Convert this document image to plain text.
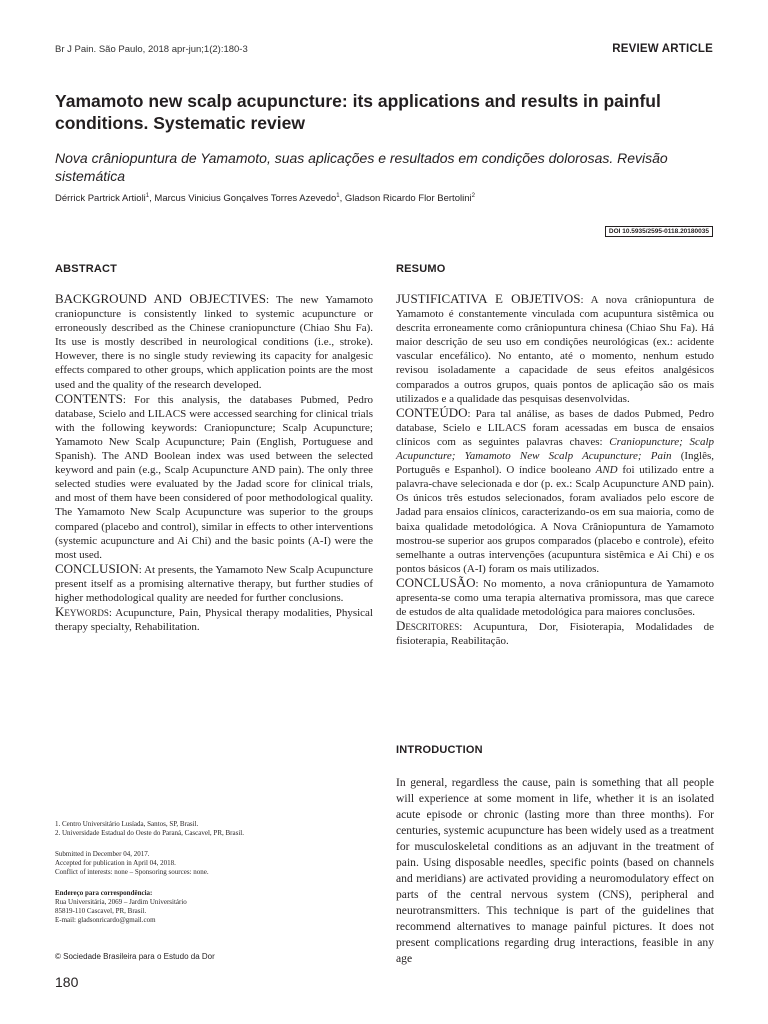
Br J Pain. São Paulo, 2018 apr-jun;1(2):180-3	REVIEW ARTICLE
Yamamoto new scalp acupuncture: its applications and results in painful conditions. Systematic review
Nova crâniopuntura de Yamamoto, suas aplicações e resultados em condições dolorosas. Revisão sistemática
Dérrick Partrick Artioli$^1$, Marcus Vinicius Gonçalves Torres Azevedo$^1$, Gladson Ricardo Flor Bertolini$^2$
DOI 10.5935/2595-0118.20180035
ABSTRACT	RESUMO

BACKGROUND AND OBJECTIVES: The new Yamamoto craniopuncture is consistently linked to systemic acupuncture or erroneously described as the Chinese craniopuncture (Chiao Shu Fa). Its use is mostly described in neurological conditions (i.e., stroke). However, there is no single study reviewing its capacity for analgesic effects compared to other groups, which application points are the most used and the quality of the research developed.

CONTENTS: For this analysis, the databases Pubmed, Pedro database, Scielo and LILACS were accessed searching for clinical trials with the following keywords: Craniopuncture; Scalp Acupuncture; Yamamoto New Scalp Acupuncture; Pain (English, Portuguese and Spanish). The AND Boolean index was used between the selected keyword and pain (e.g., Scalp Acupuncture AND pain). The only three selected studies were evaluated by the Jadad score for clinical trials, and most of them have been considered of poor methodological quality. The Yamamoto New Scalp Acupuncture was superior to the groups compared (placebo and control), similar in effects to other interventions (systemic acupuncture and Ai Chi) and the basic points (A-I) were the most used.

CONCLUSION: At presents, the Yamamoto New Scalp Acupuncture present itself as a promising alternative therapy, but further studies of higher methodological quality are needed for further conclusions.

Keywords: Acupuncture, Pain, Physical therapy modalities, Physical therapy specialty, Rehabilitation.

JUSTIFICATIVA E OBJETIVOS: A nova crâniopuntura de Yamamoto é constantemente vinculada com acupuntura sistêmica ou descrita erroneamente como crâniopuntura chinesa (Chiao Shu Fa). Há maior descrição de seu uso em condições neurológicas (ex.: acidente vascular encefálico). No entanto, até o momento, nenhum estudo revisou isoladamente a capacidade de seus efeitos analgésicos comparados a outros grupos, quais pontos de aplicação são os mais utilizados e a qualidade das pesquisas desenvolvidas.

CONTEÚDO: Para tal análise, as bases de dados Pubmed, Pedro database, Scielo e LILACS foram acessadas em busca de ensaios clínicos com as seguintes palavras chaves: Craniopuncture; Scalp Acupuncture; Yamamoto New Scalp Acupuncture; Pain (Inglês, Português e Espanhol). O índice booleano AND foi utilizado entre a palavra-chave selecionada e dor (p. ex.: Scalp Acupuncture AND pain). Os únicos três estudos selecionados, foram avaliados pelo escore de Jadad para ensaios clínicos, caracterizando-os em sua maioria, como de baixa qualidade metodológica. A Nova Crâniopuntura de Yamamoto mostrou-se superior aos grupos comparados (placebo e controle), efeito semelhante a outras intervenções (acupuntura sistêmica e Ai Chi) e os pontos básicos (A-I) foram os mais utilizados.

CONCLUSÃO: No momento, a nova crâniopuntura de Yamamoto apresenta-se como uma terapia alternativa promissora, mas que carece de estudos de alta qualidade metodológica para maiores conclusões.

Descritores: Acupuntura, Dor, Fisioterapia, Modalidades de fisioterapia, Reabilitação.

INTRODUCTION

In general, regardless the cause, pain is something that all people will experience at some moment in life, whether it is an isolated acute episode or chronic (lasting more than three months). For centuries, systemic acupuncture has been widely used as a treatment for musculoskeletal conditions as an adjuvant in the treatment of pain. Using disposable needles, specific points (based on channels and meridians) are activated providing a neuromodulatory effect on parts of the central nervous system (CNS), peripheral and neurotransmitters. This technique is part of the guidelines that recommend alternatives to manage painful pictures. It does not present complications regarding drug interactions, feasible in any age

1. Centro Universitário Lusíada, Santos, SP, Brasil.
2. Universidade Estadual do Oeste do Paraná, Cascavel, PR, Brasil.
Submitted in December 04, 2017.
Accepted for publication in April 04, 2018.
Conflict of interests: none – Sponsoring sources: none.
Endereço para correspondência:
Rua Universitária, 2069 – Jardim Universitário
85819-110 Cascavel, PR, Brasil.
E-mail: gladsonricardo@gmail.com
© Sociedade Brasileira para o Estudo da Dor
180
